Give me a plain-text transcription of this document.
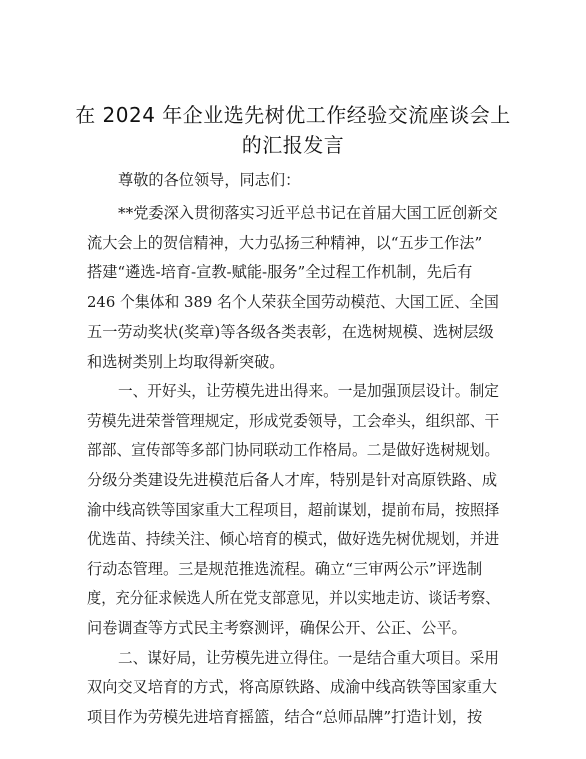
在 2024 年企业选先树优工作经验交流座谈会上
的汇报发言
尊敬的各位领导，同志们：
**党委深入贯彻落实习近平总书记在首届大国工匠创新交
流大会上的贺信精神，大力弘扬三种精神，以“五步工作法”
搭建“遴选-培育-宣教-赋能-服务”全过程工作机制，先后有
246 个集体和 389 名个人荣获全国劳动模范、大国工匠、全国
五一劳动奖状(奖章)等各级各类表彰，在选树规模、选树层级
和选树类别上均取得新突破。
一、开好头，让劳模先进出得来。一是加强顶层设计。制定
劳模先进荣誉管理规定，形成党委领导，工会牵头，组织部、干
部部、宣传部等多部门协同联动工作格局。二是做好选树规划。
分级分类建设先进模范后备人才库，特别是针对高原铁路、成
渝中线高铁等国家重大工程项目，超前谋划，提前布局，按照择
优选苗、持续关注、倾心培育的模式，做好选先树优规划，并进
行动态管理。三是规范推选流程。确立“三审两公示”评选制
度，充分征求候选人所在党支部意见，并以实地走访、谈话考察、
问卷调查等方式民主考察测评，确保公开、公正、公平。
二、谋好局，让劳模先进立得住。一是结合重大项目。采用
双向交叉培育的方式，将高原铁路、成渝中线高铁等国家重大
项目作为劳模先进培育摇篮，结合“总师品牌”打造计划，按
